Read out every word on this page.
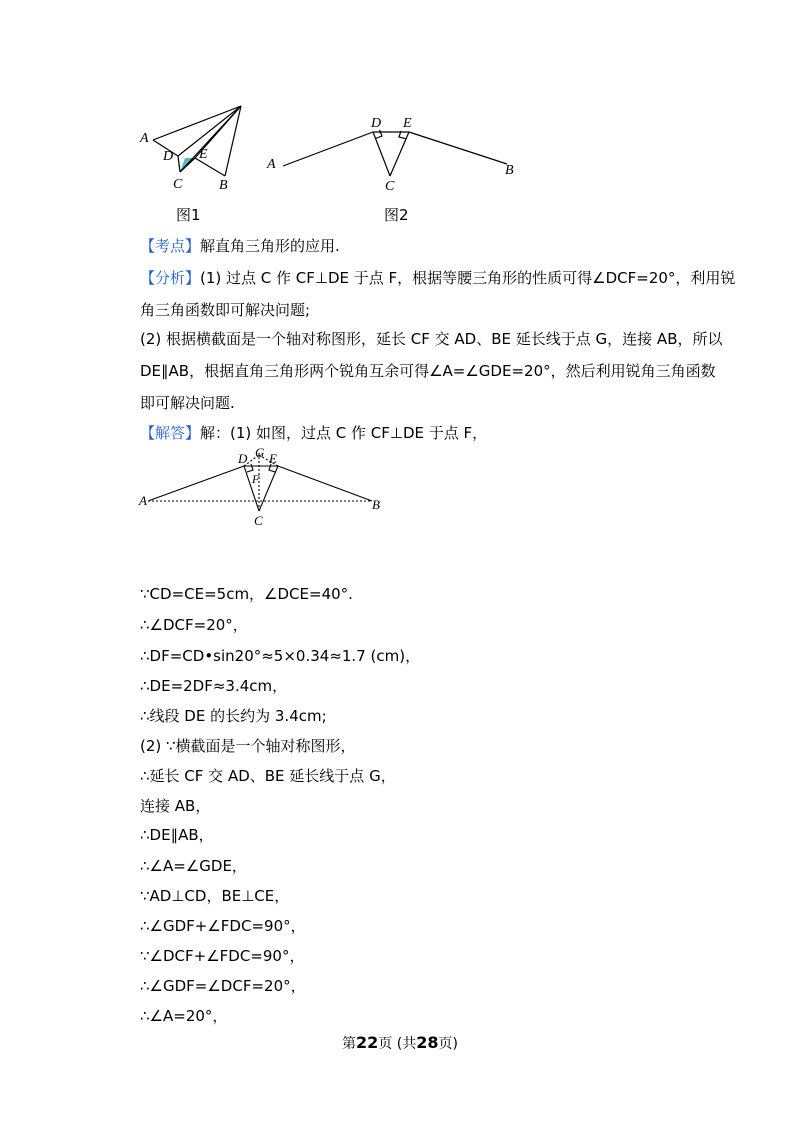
A
D E
C	B
图1
A
D E
C
B
图2
【考点】解直角三角形的应用.
【分析】(1) 过点 C 作 CF⊥DE 于点 F，根据等腰三角形的性质可得∠DCF=20°，利用锐
角三角函数即可解决问题;
(2) 根据横截面是一个轴对称图形，延长 CF 交 AD、BE 延长线于点 G，连接 AB，所以
DE∥AB，根据直角三角形两个锐角互余可得∠A=∠GDE=20°，然后利用锐角三角函数
即可解决问题.
【解答】解：(1) 如图，过点 C 作 CF⊥DE 于点 F，
A
D G E
F
C
B
∵CD=CE=5cm，∠DCE=40°.
∴∠DCF=20°，
∴DF=CD•sin20°≈5×0.34≈1.7 (cm)，
∴DE=2DF≈3.4cm，
∴线段 DE 的长约为 3.4cm;
(2) ∵横截面是一个轴对称图形，
∴延长 CF 交 AD、BE 延长线于点 G，
连接 AB，
∴DE∥AB，
∴∠A=∠GDE，
∵AD⊥CD，BE⊥CE，
∴∠GDF+∠FDC=90°，
∵∠DCF+∠FDC=90°，
∴∠GDF=∠DCF=20°，
∴∠A=20°，
第22页 (共28页)
